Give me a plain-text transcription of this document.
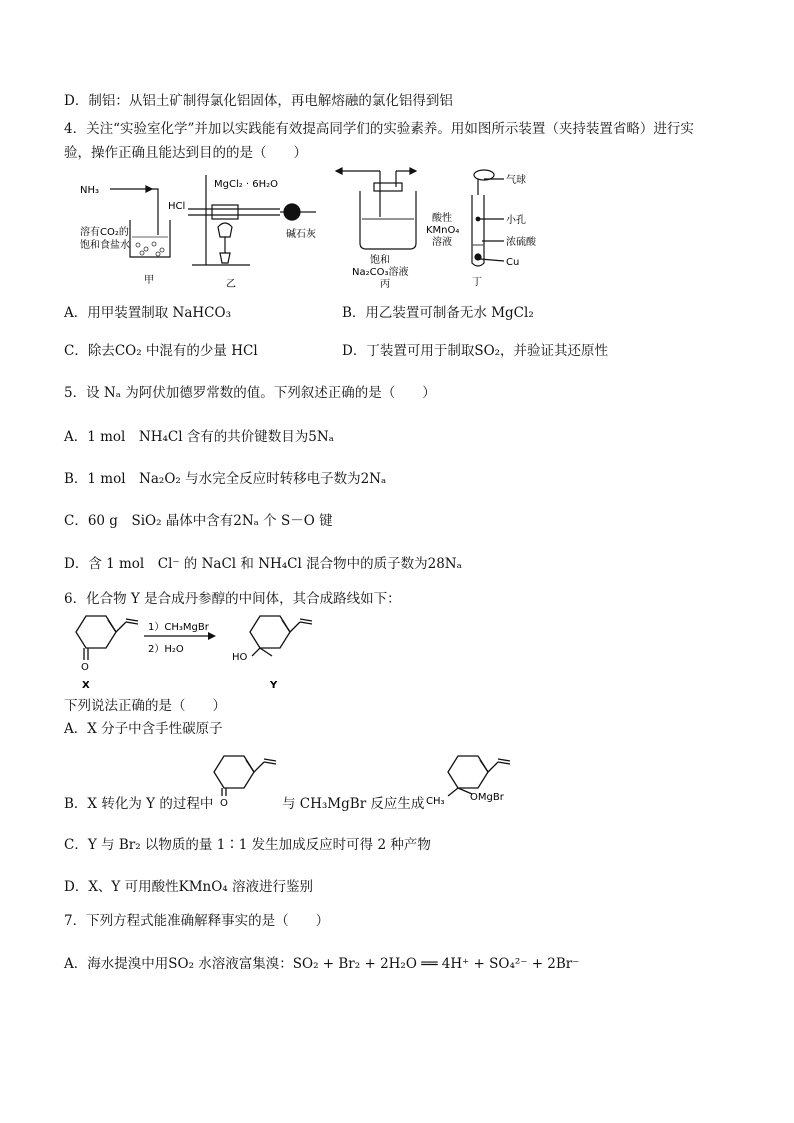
D．制铝：从铝土矿制得氯化铝固体，再电解熔融的氯化铝得到铝
4．关注“实验室化学”并加以实践能有效提高同学们的实验素养。用如图所示装置（夹持装置省略）进行实
验，操作正确且能达到目的的是（　　）
NH₃
溶有CO₂的
饱和食盐水
甲
HCl
MgCl₂ · 6H₂O
碱石灰
乙
饱和
Na₂CO₃溶液
丙
气球
小孔
酸性
KMnO₄
溶液	浓硫酸
Cu
丁
A．用甲装置制取 NaHCO₃	B．用乙装置可制备无水 MgCl₂
C．除去CO₂ 中混有的少量 HCl	D．丁装置可用于制取SO₂，并验证其还原性
5．设 Nₐ 为阿伏加德罗常数的值。下列叙述正确的是（　　）
A．1 mol　NH₄Cl 含有的共价键数目为5Nₐ
B．1 mol　Na₂O₂ 与水完全反应时转移电子数为2Nₐ
C．60 g　SiO₂ 晶体中含有2Nₐ 个 S－O 键
D．含 1 mol　Cl⁻ 的 NaCl 和 NH₄Cl 混合物中的质子数为28Nₐ
6．化合物 Y 是合成丹参醇的中间体，其合成路线如下：
O
X
1）CH₃MgBr
2）H₂O
HO
Y
下列说法正确的是（　　）
A．X 分子中含手性碳原子
B．X 转化为 Y 的过程中 O	与 CH₃MgBr 反应生成 CH₃	OMgBr
C．Y 与 Br₂ 以物质的量 1∶1 发生加成反应时可得 2 种产物
D．X、Y 可用酸性KMnO₄ 溶液进行鉴别
7．下列方程式能准确解释事实的是（　　）
A．海水提溴中用SO₂ 水溶液富集溴：SO₂ + Br₂ + 2H₂O ══ 4H⁺ + SO₄²⁻ + 2Br⁻
